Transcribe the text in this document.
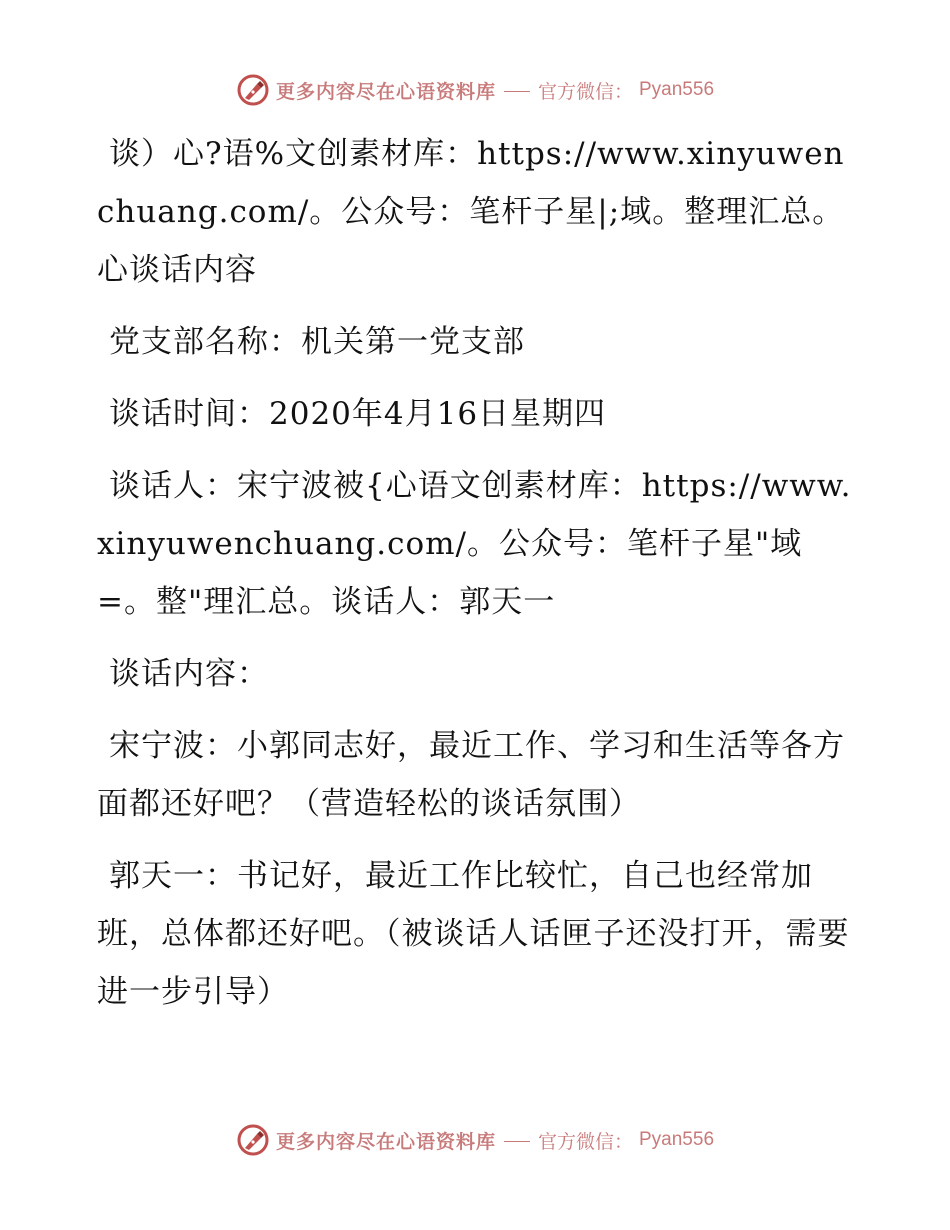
更多内容尽在心语资料库 官方微信： Pyan556

谈）心?语%文创素材库：https://www.xinyuwenchuang.com/。公众号：笔杆子星|;域。整理汇总。心谈话内容

党支部名称：机关第一党支部

谈话时间：2020年4月16日星期四

谈话人：宋宁波被{心语文创素材库：https://www.xinyuwenchuang.com/。公众号：笔杆子星"域=。整"理汇总。谈话人：郭天一

谈话内容：

宋宁波：小郭同志好，最近工作、学习和生活等各方面都还好吧？（营造轻松的谈话氛围）

郭天一：书记好，最近工作比较忙，自己也经常加班，总体都还好吧。（被谈话人话匣子还没打开，需要进一步引导）

更多内容尽在心语资料库 官方微信： Pyan556
